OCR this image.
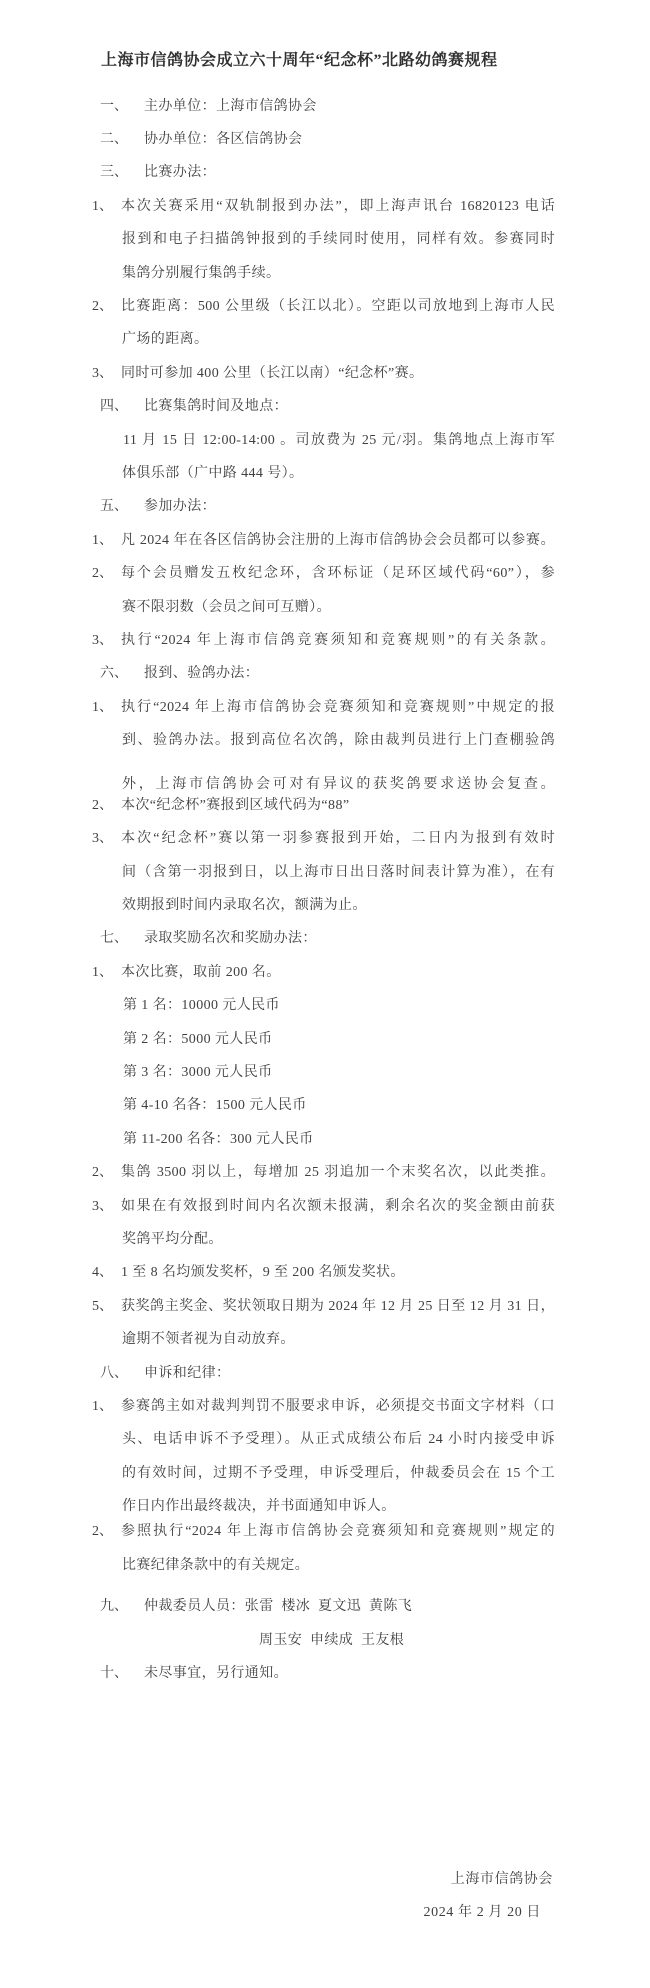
上海市信鸽协会成立六十周年“纪念杯”北路幼鸽赛规程
一、	主办单位：上海市信鸽协会
二、	协办单位：各区信鸽协会
三、	比赛办法：
1、 本次关赛采用“双轨制报到办法”，即上海声讯台 16820123 电话
报到和电子扫描鸽钟报到的手续同时使用，同样有效。参赛同时
集鸽分别履行集鸽手续。
2、 比赛距离：500 公里级（长江以北）。空距以司放地到上海市人民
广场的距离。
3、 同时可参加 400 公里（长江以南）“纪念杯”赛。
四、	比赛集鸽时间及地点：
11 月 15 日 12:00-14:00 。司放费为 25 元/羽。集鸽地点上海市军
体俱乐部（广中路 444 号）。
五、	参加办法：
1、 凡 2024 年在各区信鸽协会注册的上海市信鸽协会会员都可以参赛。
2、 每个会员赠发五枚纪念环，含环标证（足环区域代码“60”），参
赛不限羽数（会员之间可互赠）。
3、 执行“2024 年上海市信鸽竞赛须知和竞赛规则”的有关条款。
六、	报到、验鸽办法：
1、 执行“2024 年上海市信鸽协会竞赛须知和竞赛规则”中规定的报
到、验鸽办法。报到高位名次鸽，除由裁判员进行上门查棚验鸽
外，上海市信鸽协会可对有异议的获奖鸽要求送协会复查。
2、 本次“纪念杯”赛报到区域代码为“88”
3、 本次“纪念杯”赛以第一羽参赛报到开始，二日内为报到有效时
间（含第一羽报到日，以上海市日出日落时间表计算为准），在有
效期报到时间内录取名次，额满为止。
七、	录取奖励名次和奖励办法：
1、 本次比赛，取前 200 名。
第 1 名：10000 元人民币
第 2 名：5000 元人民币
第 3 名：3000 元人民币
第 4-10 名各：1500 元人民币
第 11-200 名各：300 元人民币
2、 集鸽 3500 羽以上，每增加 25 羽追加一个末奖名次，以此类推。
3、 如果在有效报到时间内名次额未报满，剩余名次的奖金额由前获
奖鸽平均分配。
4、 1 至 8 名均颁发奖杯，9 至 200 名颁发奖状。
5、 获奖鸽主奖金、奖状领取日期为 2024 年 12 月 25 日至 12 月 31 日，
逾期不领者视为自动放弃。
八、	申诉和纪律：
1、 参赛鸽主如对裁判判罚不服要求申诉，必须提交书面文字材料（口
头、电话申诉不予受理）。从正式成绩公布后 24 小时内接受申诉
的有效时间，过期不予受理，申诉受理后，仲裁委员会在 15 个工
作日内作出最终裁决，并书面通知申诉人。
2、 参照执行“2024 年上海市信鸽协会竞赛须知和竞赛规则”规定的
比赛纪律条款中的有关规定。
九、	仲裁委员人员：张雷  楼冰  夏文迅  黄陈飞
周玉安  申续成  王友根
十、	未尽事宜，另行通知。
上海市信鸽协会
2024 年 2 月 20 日
